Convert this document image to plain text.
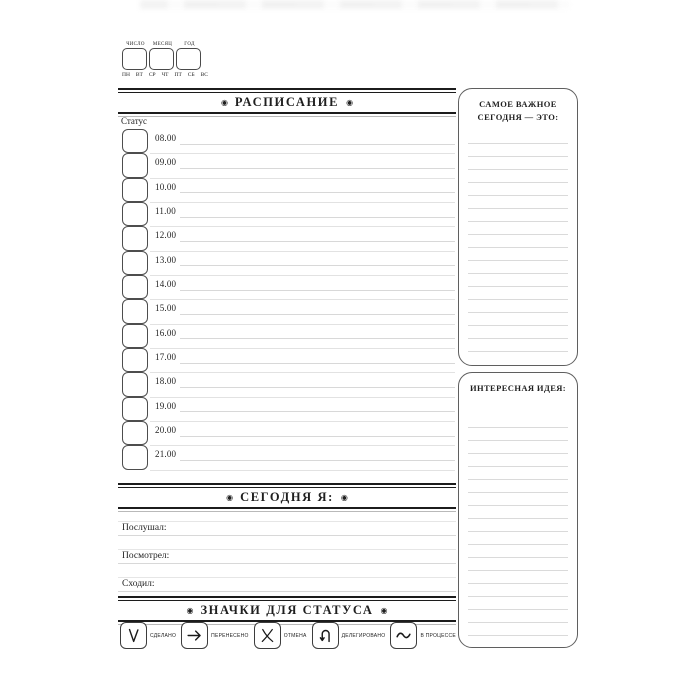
ЧИСЛО	МЕСЯЦ	ГОД
ПН ВТ СР ЧТ ПТ СБ ВС
◉ РАСПИСАНИЕ ◉
Статус
08.00
09.00
10.00
11.00
12.00
13.00
14.00
15.00
16.00
17.00
18.00
19.00
20.00
21.00
◉ СЕГОДНЯ Я: ◉
Послушал:
Посмотрел:
Сходил:
◉ ЗНАЧКИ ДЛЯ СТАТУСА ◉
СДЕЛАНО	ПЕРЕНЕСЕНО	ОТМЕНА	ДЕЛЕГИРОВАНО	В ПРОЦЕССЕ
САМОЕ ВАЖНОЕ СЕГОДНЯ — ЭТО:
ИНТЕРЕСНАЯ ИДЕЯ:
